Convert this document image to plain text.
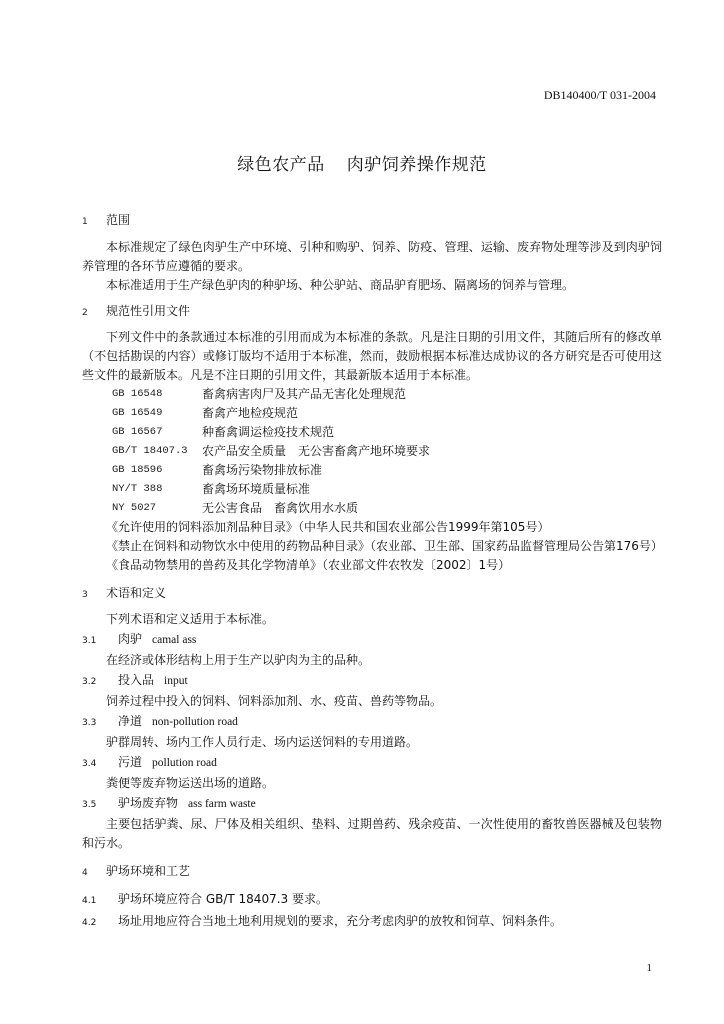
DB140400/T 031-2004
绿色农产品 肉驴饲养操作规范
1	范围
本标准规定了绿色肉驴生产中环境、引种和购驴、饲养、防疫、管理、运输、废弃物处理等涉及到肉驴饲养管理的各环节应遵循的要求。
本标准适用于生产绿色驴肉的种驴场、种公驴站、商品驴育肥场、隔离场的饲养与管理。
2	规范性引用文件
下列文件中的条款通过本标准的引用而成为本标准的条款。凡是注日期的引用文件，其随后所有的修改单（不包括勘误的内容）或修订版均不适用于本标准，然而，鼓励根据本标准达成协议的各方研究是否可使用这些文件的最新版本。凡是不注日期的引用文件，其最新版本适用于本标准。
GB 16548	畜禽病害肉尸及其产品无害化处理规范
GB 16549	畜禽产地检疫规范
GB 16567	种畜禽调运检疫技术规范
GB/T 18407.3	农产品安全质量　无公害畜禽产地环境要求
GB 18596	畜禽场污染物排放标准
NY/T 388	畜禽场环境质量标准
NY 5027	无公害食品　畜禽饮用水水质
《允许使用的饲料添加剂品种目录》（中华人民共和国农业部公告1999年第105号）
《禁止在饲料和动物饮水中使用的药物品种目录》（农业部、卫生部、国家药品监督管理局公告第176号）
《食品动物禁用的兽药及其化学物清单》（农业部文件农牧发〔2002〕1号）
3	术语和定义
下列术语和定义适用于本标准。
3.1	肉驴 camal ass
在经济或体形结构上用于生产以驴肉为主的品种。
3.2	投入品 input
饲养过程中投入的饲料、饲料添加剂、水、疫苗、兽药等物品。
3.3	净道 non-pollution road
驴群周转、场内工作人员行走、场内运送饲料的专用道路。
3.4	污道 pollution road
粪便等废弃物运送出场的道路。
3.5	驴场废弃物 ass farm waste
主要包括驴粪、尿、尸体及相关组织、垫料、过期兽药、残余疫苗、一次性使用的畜牧兽医器械及包装物和污水。
4	驴场环境和工艺
4.1	驴场环境应符合 GB/T 18407.3 要求。
4.2	场址用地应符合当地土地利用规划的要求，充分考虑肉驴的放牧和饲草、饲料条件。
1
